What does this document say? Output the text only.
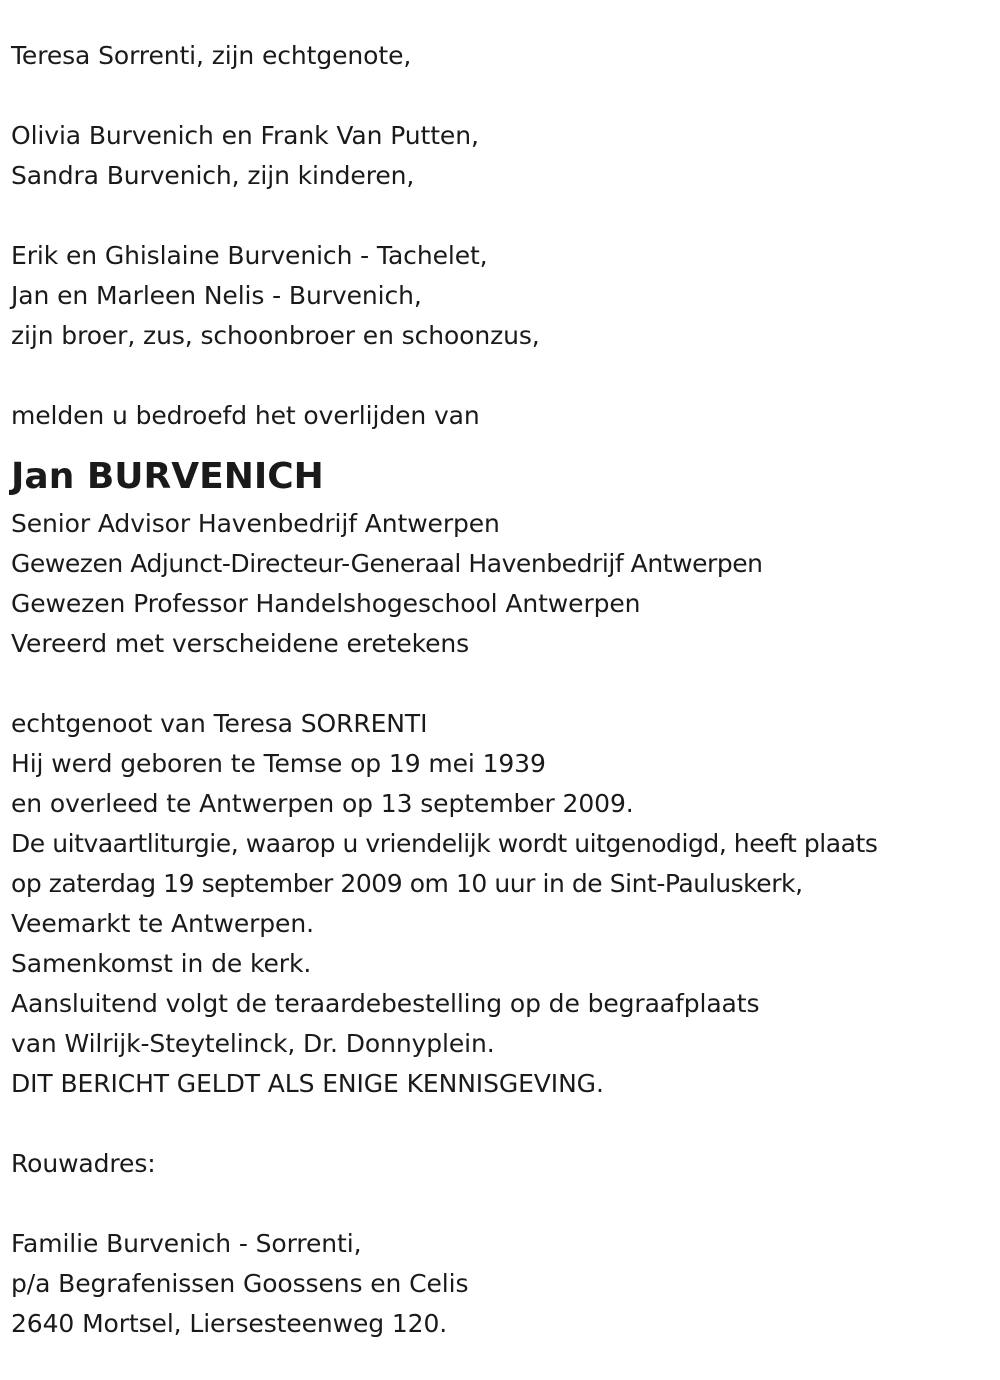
Teresa Sorrenti, zijn echtgenote,
Olivia Burvenich en Frank Van Putten,
Sandra Burvenich, zijn kinderen,
Erik en Ghislaine Burvenich - Tachelet,
Jan en Marleen Nelis - Burvenich,
zijn broer, zus, schoonbroer en schoonzus,
melden u bedroefd het overlijden van
Jan BURVENICH
Senior Advisor Havenbedrijf Antwerpen
Gewezen Adjunct-Directeur-Generaal Havenbedrijf Antwerpen
Gewezen Professor Handelshogeschool Antwerpen
Vereerd met verscheidene eretekens
echtgenoot van Teresa SORRENTI
Hij werd geboren te Temse op 19 mei 1939
en overleed te Antwerpen op 13 september 2009.
De uitvaartliturgie, waarop u vriendelijk wordt uitgenodigd, heeft plaats
op zaterdag 19 september 2009 om 10 uur in de Sint-Pauluskerk,
Veemarkt te Antwerpen.
Samenkomst in de kerk.
Aansluitend volgt de teraardebestelling op de begraafplaats
van Wilrijk-Steytelinck, Dr. Donnyplein.
DIT BERICHT GELDT ALS ENIGE KENNISGEVING.
Rouwadres:
Familie Burvenich - Sorrenti,
p/a Begrafenissen Goossens en Celis
2640 Mortsel, Liersesteenweg 120.
